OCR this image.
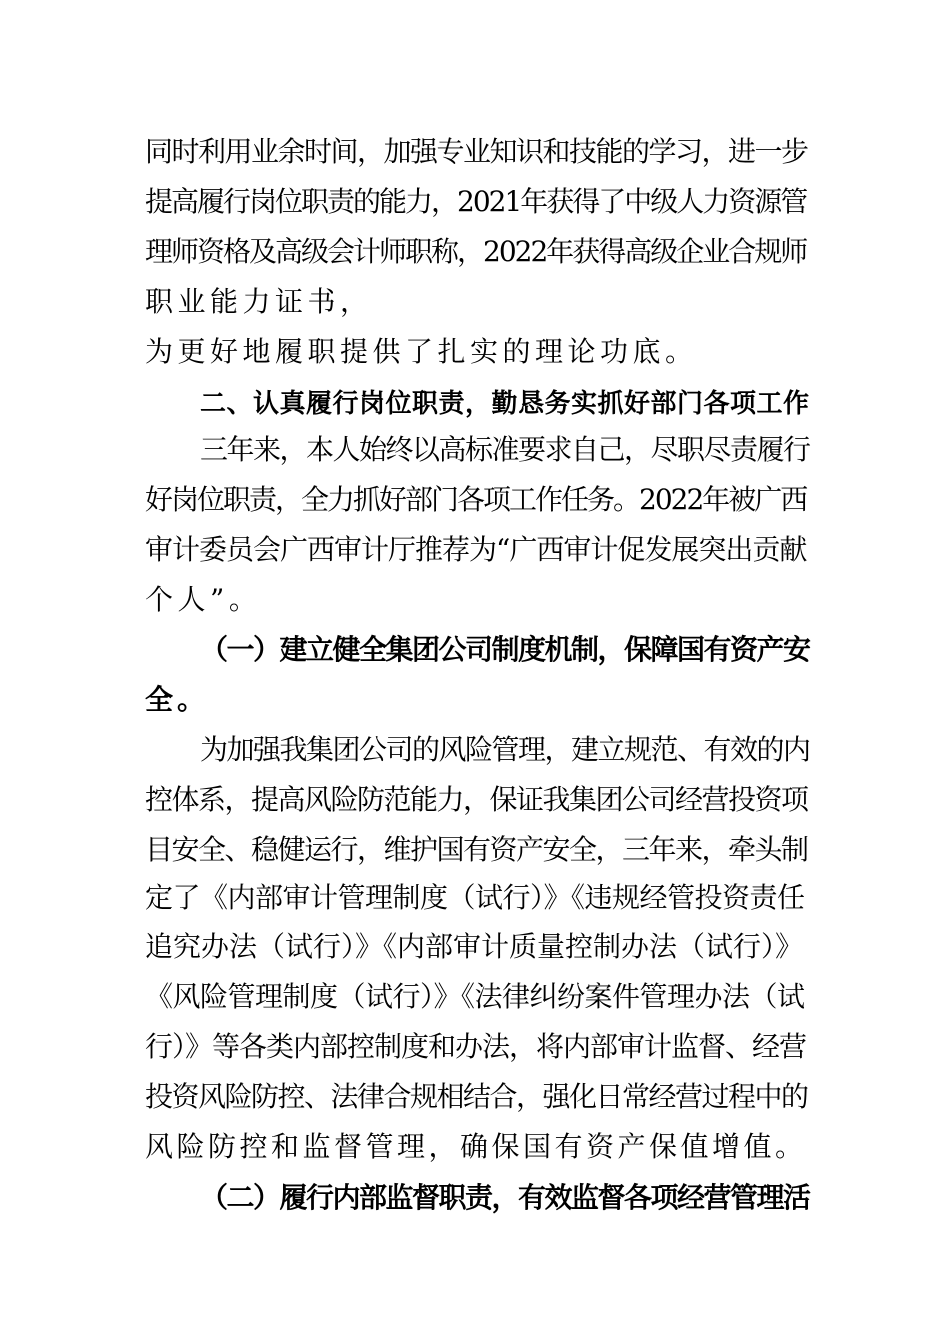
同时利用业余时间，加强专业知识和技能的学习，进一步
提高履行岗位职责的能力，2021年获得了中级人力资源管
理师资格及高级会计师职称，2022年获得高级企业合规师
职业能力证书，
为更好地履职提供了扎实的理论功底。
二、认真履行岗位职责，勤恳务实抓好部门各项工作
三年来，本人始终以高标准要求自己，尽职尽责履行
好岗位职责，全力抓好部门各项工作任务。2022年被广西
审计委员会广西审计厅推荐为“广西审计促发展突出贡献
个人”。
（一）建立健全集团公司制度机制，保障国有资产安
全。
为加强我集团公司的风险管理，建立规范、有效的内
控体系，提高风险防范能力，保证我集团公司经营投资项
目安全、稳健运行，维护国有资产安全，三年来，牵头制
定了《内部审计管理制度（试行）》《违规经管投资责任
追究办法（试行）》《内部审计质量控制办法（试行）》
《风险管理制度（试行）》《法律纠纷案件管理办法（试
行）》等各类内部控制度和办法，将内部审计监督、经营
投资风险防控、法律合规相结合，强化日常经营过程中的
风险防控和监督管理，确保国有资产保值增值。
（二）履行内部监督职责，有效监督各项经营管理活
